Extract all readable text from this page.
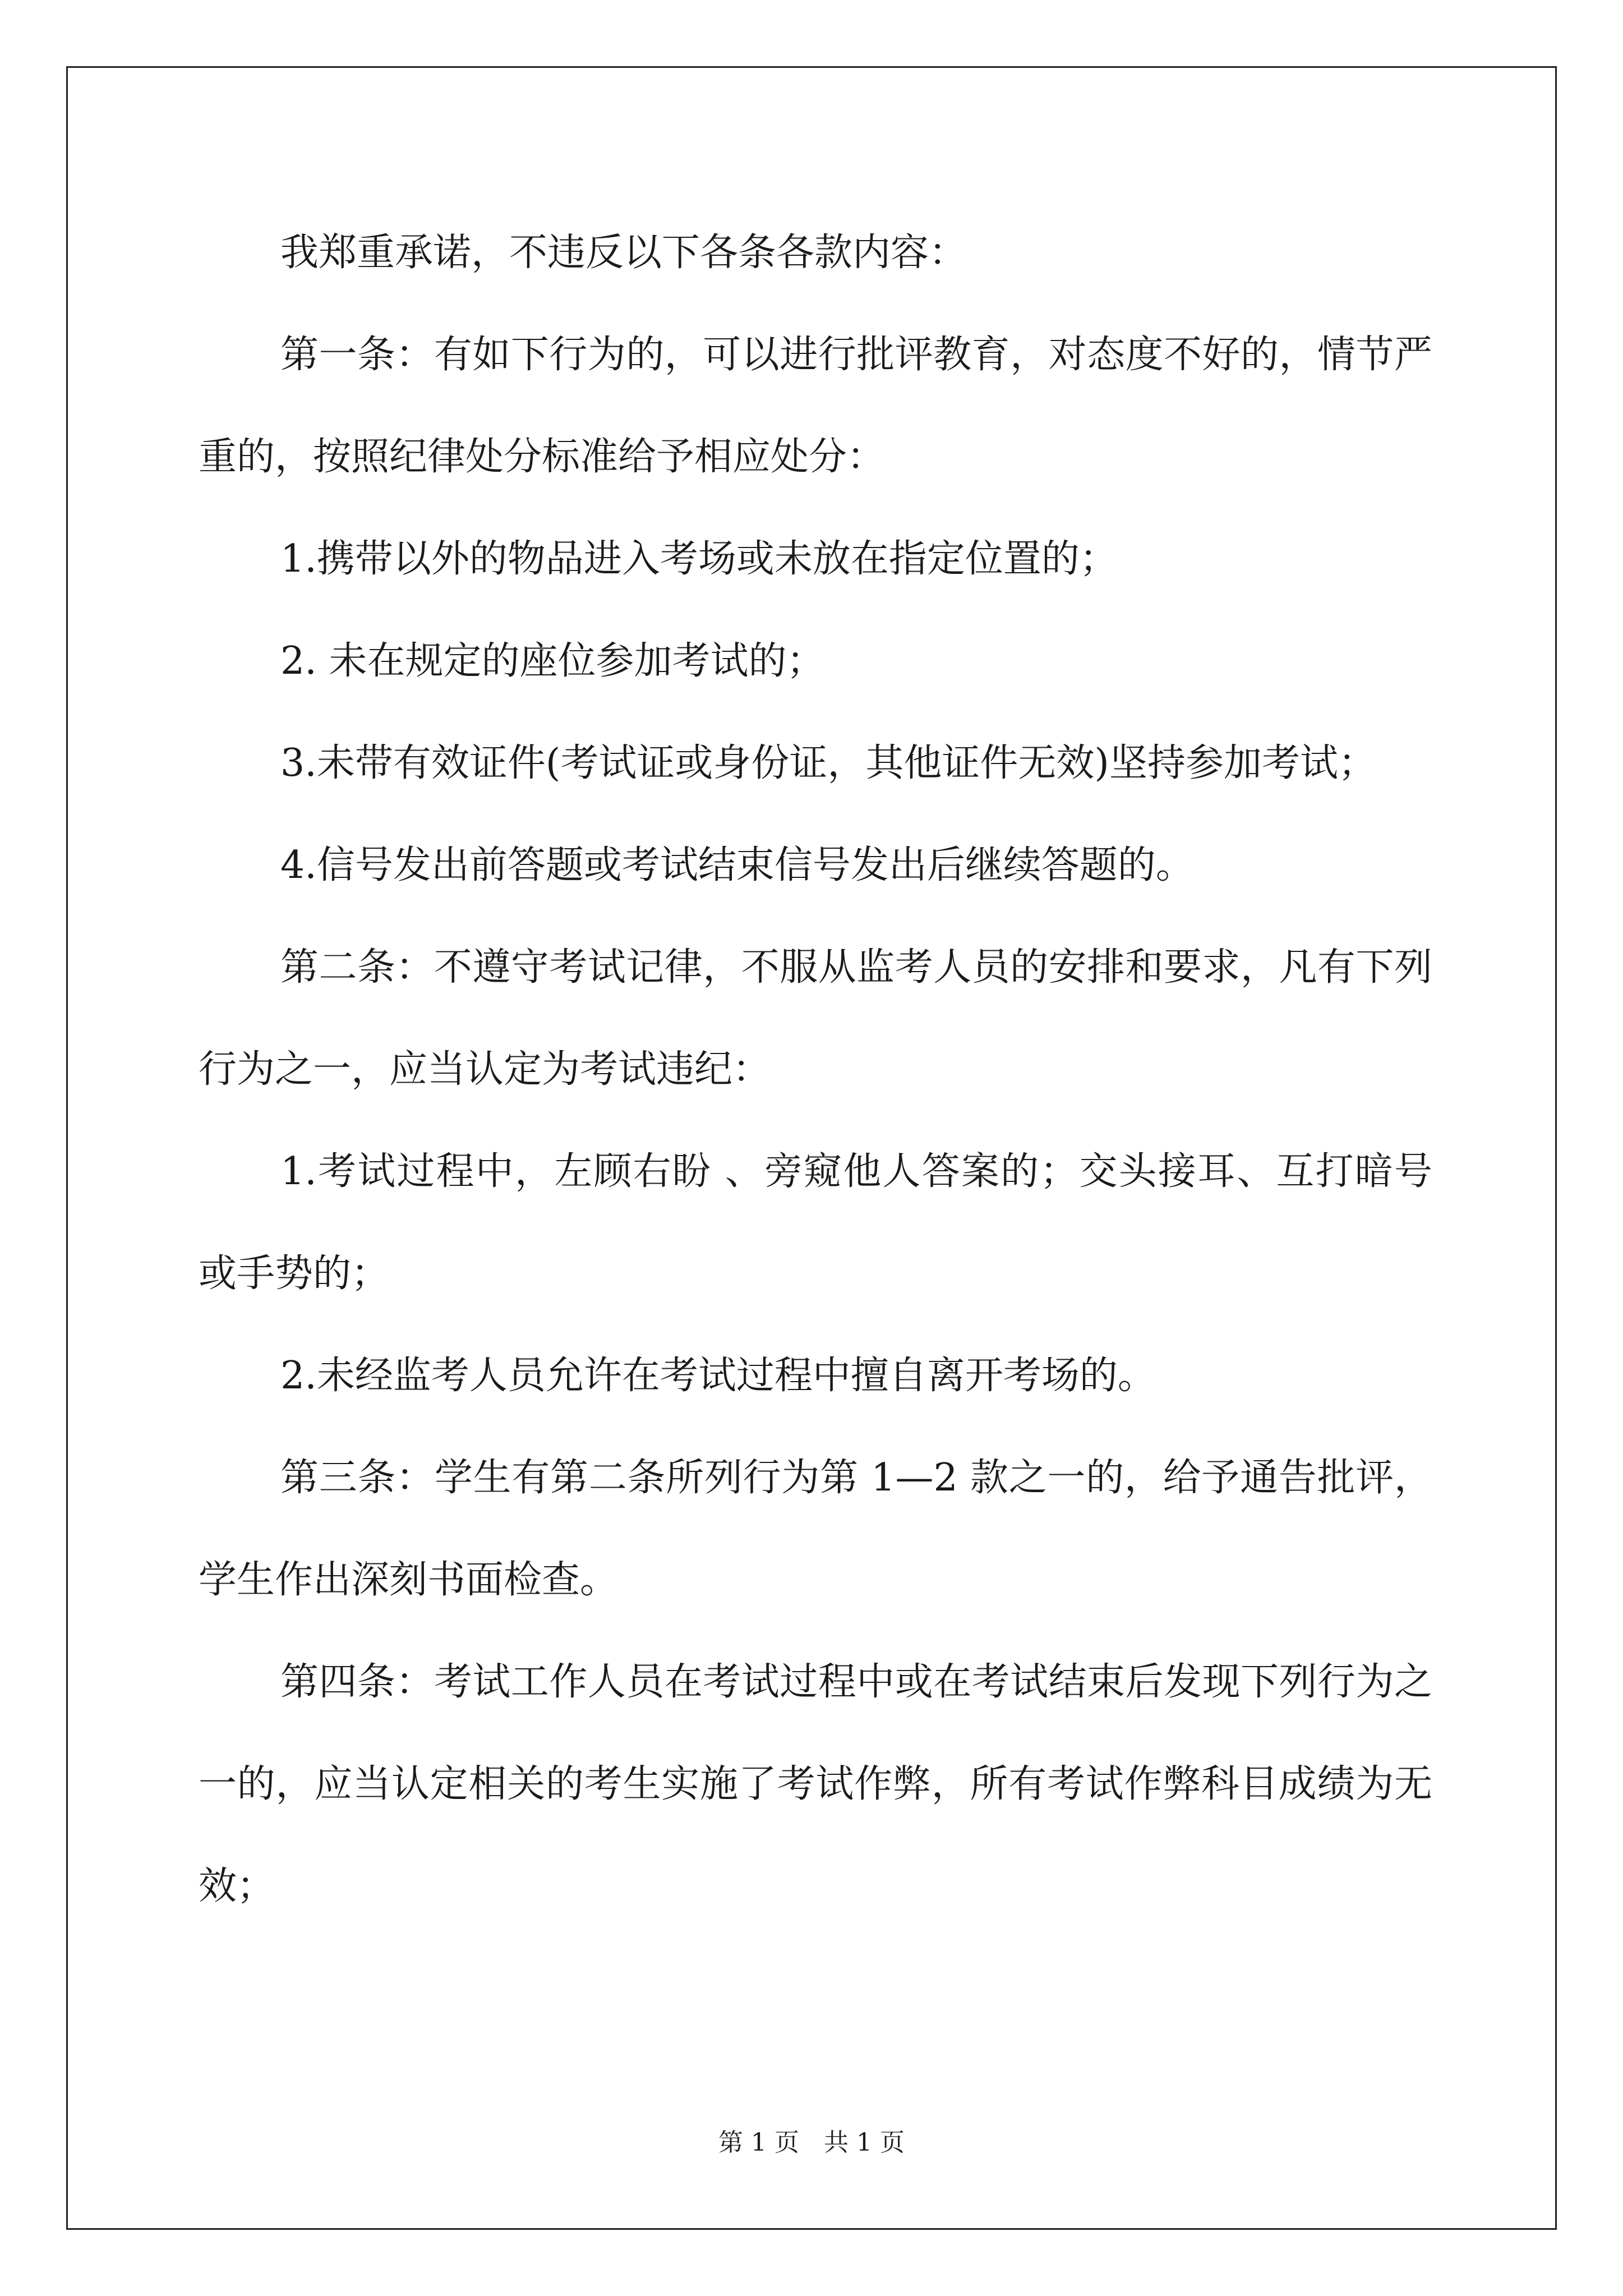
我郑重承诺，不违反以下各条各款内容：

第一条：有如下行为的，可以进行批评教育，对态度不好的，情节严重的，按照纪律处分标准给予相应处分：

1.携带以外的物品进入考场或未放在指定位置的；

2. 未在规定的座位参加考试的；

3.未带有效证件(考试证或身份证，其他证件无效)坚持参加考试；

4.信号发出前答题或考试结束信号发出后继续答题的。

第二条：不遵守考试记律，不服从监考人员的安排和要求，凡有下列行为之一，应当认定为考试违纪：

1.考试过程中，左顾右盼 、旁窥他人答案的；交头接耳、互打暗号或手势的；

2.未经监考人员允许在考试过程中擅自离开考场的。

第三条：学生有第二条所列行为第 1—2 款之一的，给予通告批评，学生作出深刻书面检查。

第四条：考试工作人员在考试过程中或在考试结束后发现下列行为之一的，应当认定相关的考生实施了考试作弊，所有考试作弊科目成绩为无效；

第 1 页　共 1 页
